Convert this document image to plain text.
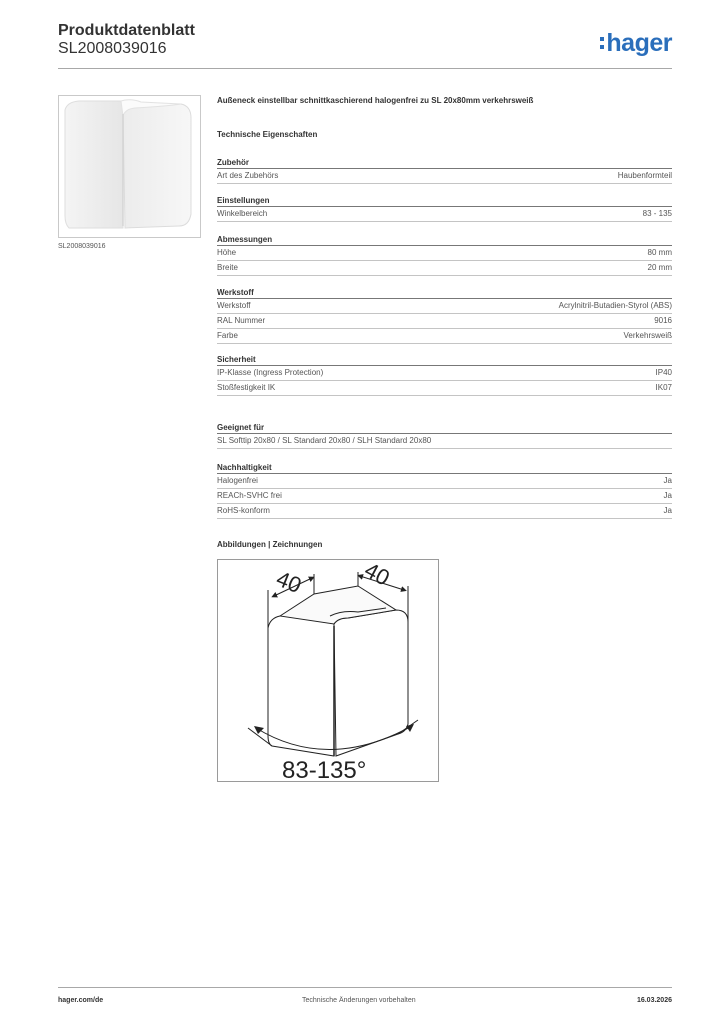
Produktdatenblatt
SL2008039016	hager
SL2008039016
Außeneck einstellbar schnittkaschierend halogenfrei zu SL 20x80mm verkehrsweiß
Technische Eigenschaften
Zubehör
Art des Zubehörs	Haubenformteil
Einstellungen
Winkelbereich	83 - 135
Abmessungen
Höhe	80 mm
Breite	20 mm
Werkstoff
Werkstoff	Acrylnitril-Butadien-Styrol (ABS)
RAL Nummer	9016
Farbe	Verkehrsweiß
Sicherheit
IP-Klasse (Ingress Protection)	IP40
Stoßfestigkeit IK	IK07
Geeignet für
SL Softtip 20x80 / SL Standard 20x80 / SLH Standard 20x80
Nachhaltigkeit
Halogenfrei	Ja
REACh-SVHC frei	Ja
RoHS-konform	Ja
Abbildungen | Zeichnungen
40	40
83-135°
hager.com/de	Technische Änderungen vorbehalten	16.03.2026
